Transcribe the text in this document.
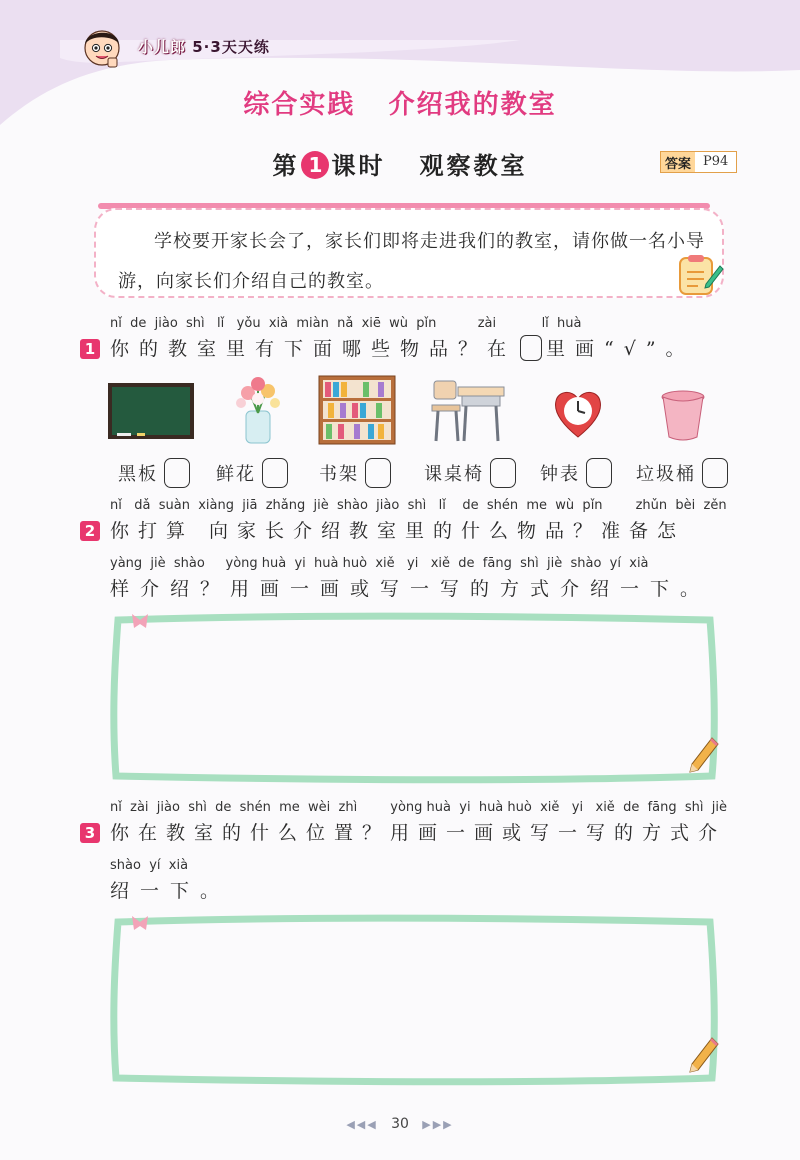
小儿郎 5·3天天练
综合实践   介绍我的教室
第 1 课时   观察教室	答案 P94
学校要开家长会了，家长们即将走进我们的教室，请你做一名小导游，向家长们介绍自己的教室。
nǐ  de  jiào  shì   lǐ   yǒu  xià  miàn  nǎ  xiē  wù  pǐn          zài           lǐ  huà
1 你的教室里有下面哪些物品？在 里画“√”。
黑板	鲜花	书架	课桌椅	钟表	垃圾桶
nǐ   dǎ  suàn  xiàng  jiā  zhǎng  jiè  shào  jiào  shì   lǐ    de  shén  me  wù  pǐn        zhǔn  bèi  zěn
2 你打算 向家长介绍教室里的什么物品？准备怎
yàng  jiè  shào     yòng huà  yi  huà huò  xiě   yi   xiě  de  fāng  shì  jiè  shào  yí  xià
样介绍？用画一画或写一写的方式介绍一下。
nǐ  zài  jiào  shì  de  shén  me  wèi  zhì        yòng huà  yi  huà huò  xiě   yi   xiě  de  fāng  shì  jiè
3 你在教室的什么位置？用画一画或写一写的方式介
shào  yí  xià
绍一下。
◀◀◀ 30 ▶▶▶
